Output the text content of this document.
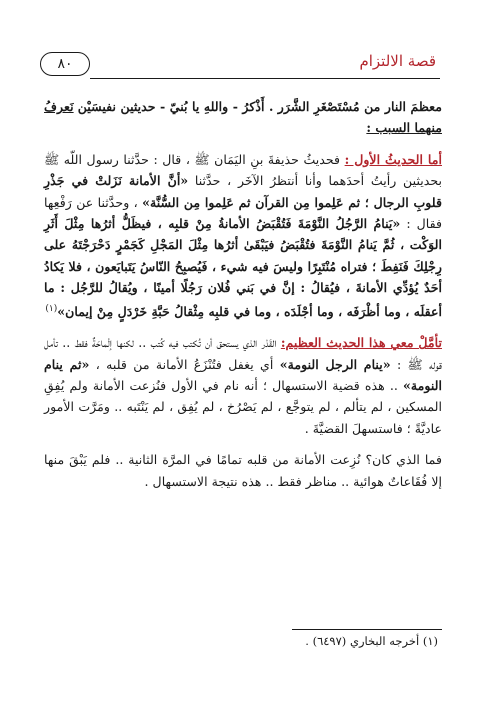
٨٠	قصة الالتزام

معظمَ النار من مُسْتَصْغَرِ الشَّرَر . أَذْكرُ - واللهِ يا بُنيّ - حديثين نفيسَيْن نَعرفُ منهما السبب :

أما الحديثُ الأول : فحديثُ حذيفةَ بنِ اليَمَان ﷺ ، قال : حدَّثنا رسول اللّه ﷺ بحديثين رأيتُ أحدَهما وأنا أنتظرُ الآخَر ، حدَّثنا «أنَّ الأمانة نَزَلتْ في جَذْرِ قلوبِ الرجال ؛ ثم عَلِموا مِن القرآن ثم عَلِموا مِن السُّنَّة» ، وحدَّثنا عن رَفْعِها فقال : «يَنامُ الرَّجُلُ النَّوْمَةَ فَتُقْبَضُ الأمانةُ مِنْ قلبِه ، فيظَلُّ أثرُها مِثْلَ أَثَرِ الوَكْت ، ثُمَّ يَنامُ النَّوْمَةَ فتُقْبَضُ فيَبْقَىٰ أثرُها مِثْلَ المَجْلِ كَجَمْرٍ دَحْرَجْتَهُ على رِجْلِكَ فَنَفِطَ ؛ فتراه مُنْتَبِرًا وليسَ فيه شيء ، فَيُصبِحُ النّاسُ يَتَبايَعون ، فلا يَكادُ أحَدٌ يُؤدِّي الأمانةَ ، فيُقالُ : إنَّ في بَني فُلان رَجُلًا أمينًا ، ويُقالُ للرَّجُل : ما أعقلَه ، وما أظْرَفَه ، وما أجْلَدَه ، وما في قلبِه مِثْقالُ حَبَّةِ خَرْدَلٍ مِنْ إيمان»$^{(١)}$

تأمَّلْ معي هذا الحديث العظيم: القَدْر الذي يستحق أن تُكتب فيه كُتب .. لكنها إلْماحَةٌ فقط .. تأمل قوله ﷺ : «ينام الرجل النومة» أي يغفل فتُنْزَعُ الأمانة من قلبه ، «ثم ينام النومة» .. هذه قضية الاستسهال ؛ أنه نام في الأول فنُزعت الأمانة ولم يُفِقِ المسكين ، لم يتألم ، لم يتوجَّع ، لم يَصْرُخ ، لم يُفِق ، لم يَنْتَبه .. ومَرَّت الأمور عاديَّةً ؛ فاستسهلَ القضيَّةَ .

فما الذي كان؟ نُزِعت الأمانة من قلبه تمامًا في المرَّة الثانية .. فلم يَبْقَ منها إلا فُقَاعاتٌ هوائية .. مناظر فقط .. هذه نتيجة الاستسهال .

(١) أخرجه البخاري (٦٤٩٧) .
